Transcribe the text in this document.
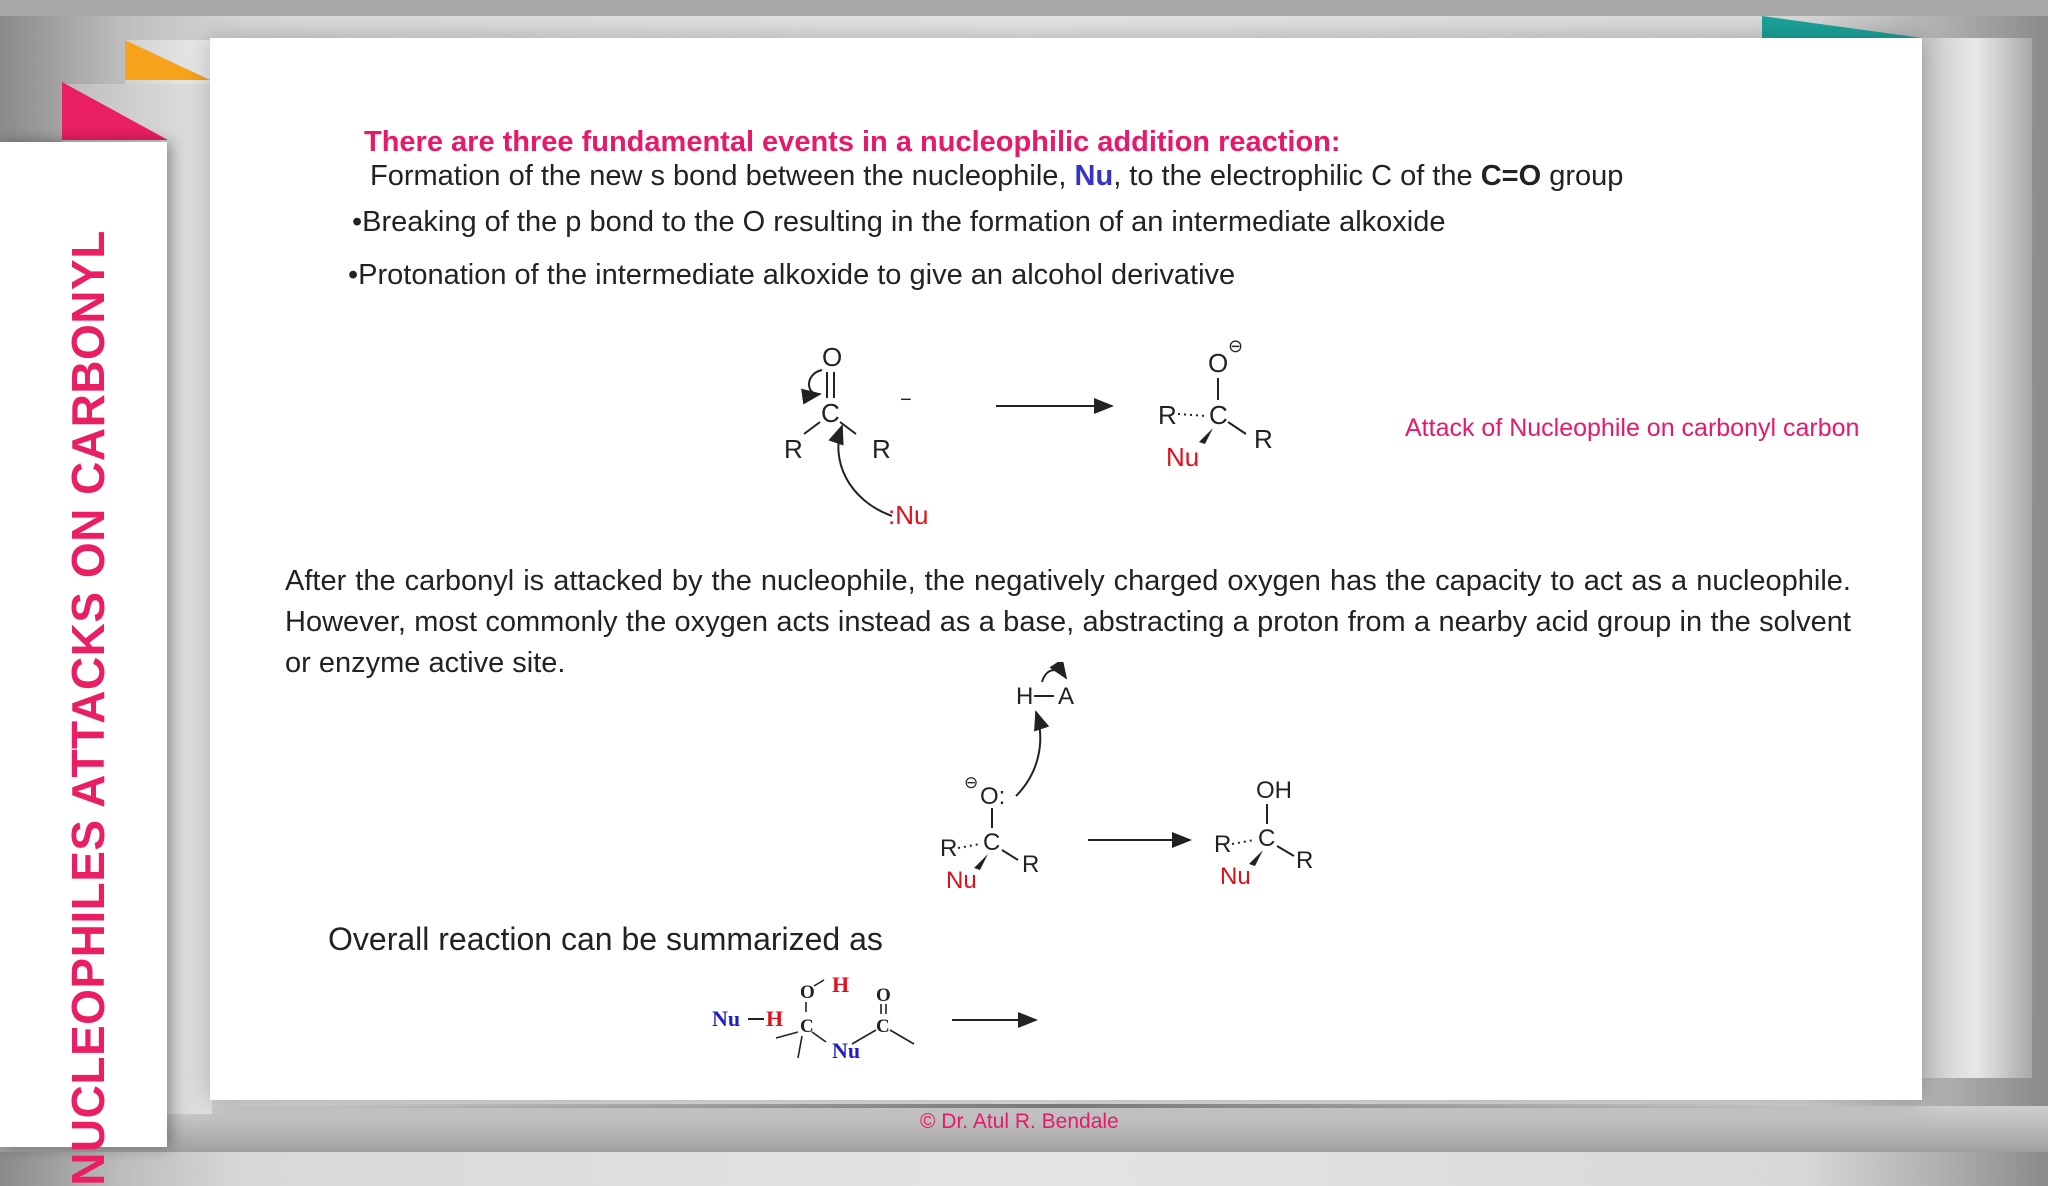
NUCLEOPHILES ATTACKS ON CARBONYL
There are three fundamental events in a nucleophilic addition reaction:
Formation of the new s bond between the nucleophile, Nu, to the electrophilic C of the C=O group
•Breaking of the p bond to the O resulting in the formation of an intermediate alkoxide
•Protonation of the intermediate alkoxide to give an alcohol derivative
O
C
R	R
−
:Nu
⊖
O
C
R
R
Nu
Attack of Nucleophile on carbonyl carbon
After the carbonyl is attacked by the nucleophile, the negatively charged oxygen has the capacity to act as a nucleophile. However, most commonly the oxygen acts instead as a base, abstracting a proton from a nearby acid group in the solvent or enzyme active site.
H A
⊖
O:
C
R
R
Nu
OH
C
R
R
Nu
Overall reaction can be summarized as
Nu H
O
C
H
O
C
Nu
© Dr. Atul R. Bendale
